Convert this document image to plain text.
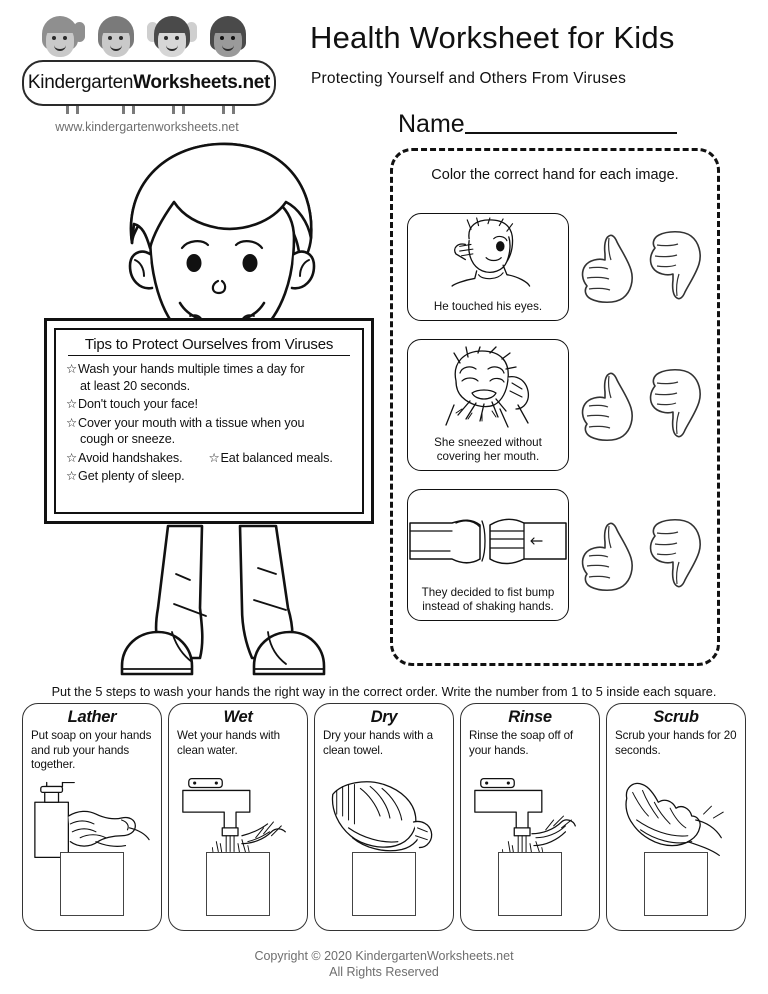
KindergartenWorksheets.net
www.kindergartenworksheets.net
Health Worksheet for Kids
Protecting Yourself and Others From Viruses
Name
Tips to Protect Ourselves from Viruses
☆Wash your hands multiple times a day for
at least 20 seconds.
☆Don't touch your face!
☆Cover your mouth with a tissue when you
cough or sneeze.
☆Avoid handshakes. ☆Eat balanced meals.
☆Get plenty of sleep.
Color the correct hand for each image.
He touched his eyes.
She sneezed without
covering her mouth.
They decided to fist bump
instead of shaking hands.
Put the 5 steps to wash your hands the right way in the correct order. Write the number from 1 to 5 inside each square.
Lather
Put soap on your hands and rub your hands together.
Wet
Wet your hands with clean water.
Dry
Dry your hands with a clean towel.
Rinse
Rinse the soap off of your hands.
Scrub
Scrub your hands for 20 seconds.
Copyright © 2020 KindergartenWorksheets.net
All Rights Reserved
